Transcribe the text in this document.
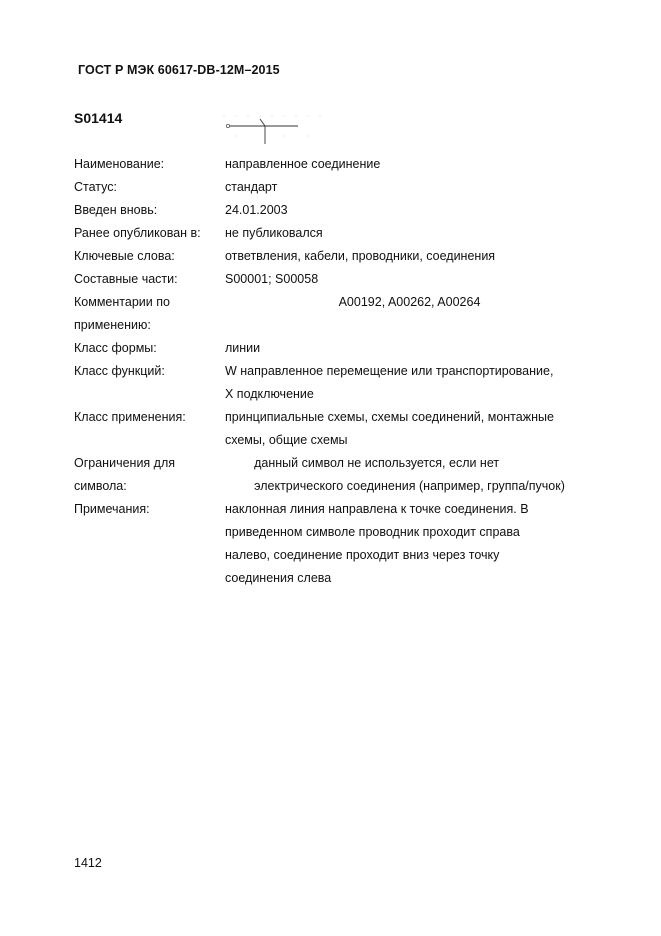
ГОСТ Р МЭК 60617-DB-12M–2015
S01414
Наименование:	направленное соединение
Статус:	стандарт
Введен вновь:	24.01.2003
Ранее опубликован в:	не публиковался
Ключевые слова:	ответвления, кабели, проводники, соединения
Составные части:	S00001; S00058
Комментарии по
применению:
A00192, A00262, A00264
Класс формы:	линии
Класс функций:	W направленное перемещение или транспортирование,
X подключение
Класс применения:	принципиальные схемы, схемы соединений, монтажные
схемы, общие схемы
Ограничения для
символа:
данный символ не используется, если нет
электрического соединения (например, группа/пучок)
Примечания:	наклонная линия направлена к точке соединения. В
приведенном символе проводник проходит справа
налево, соединение проходит вниз через точку
соединения слева
1412
